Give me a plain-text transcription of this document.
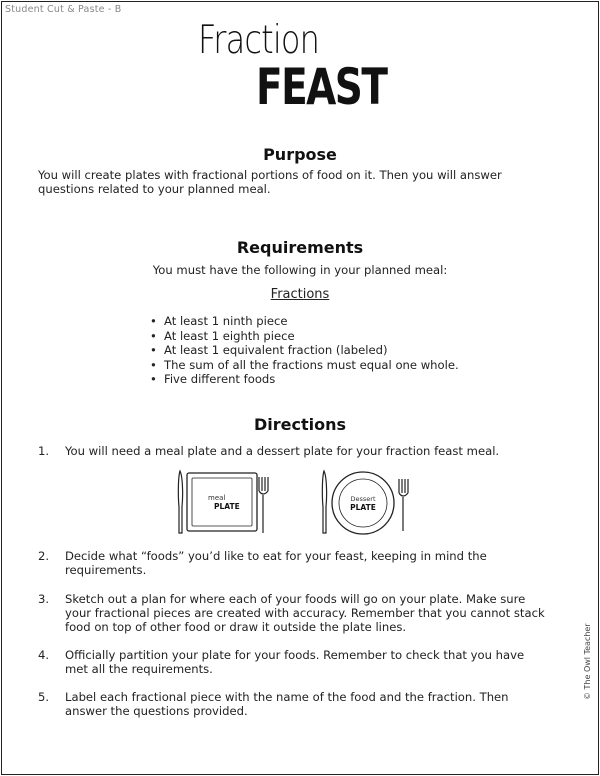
Student Cut & Paste - B
Fraction
FEAST
Purpose
You will create plates with fractional portions of food on it. Then you will answer questions related to your planned meal.
Requirements
You must have the following in your planned meal:
Fractions
• At least 1 ninth piece
• At least 1 eighth piece
• At least 1 equivalent fraction (labeled)
• The sum of all the fractions must equal one whole.
• Five different foods
Directions
1.	You will need a meal plate and a dessert plate for your fraction feast meal.
meal
PLATE
Dessert
PLATE
2.	Decide what “foods” you’d like to eat for your feast, keeping in mind the requirements.
3.	Sketch out a plan for where each of your foods will go on your plate. Make sure your fractional pieces are created with accuracy. Remember that you cannot stack food on top of other food or draw it outside the plate lines.
4.	Officially partition your plate for your foods. Remember to check that you have met all the requirements.
5.	Label each fractional piece with the name of the food and the fraction. Then answer the questions provided.
© The Owl Teacher
